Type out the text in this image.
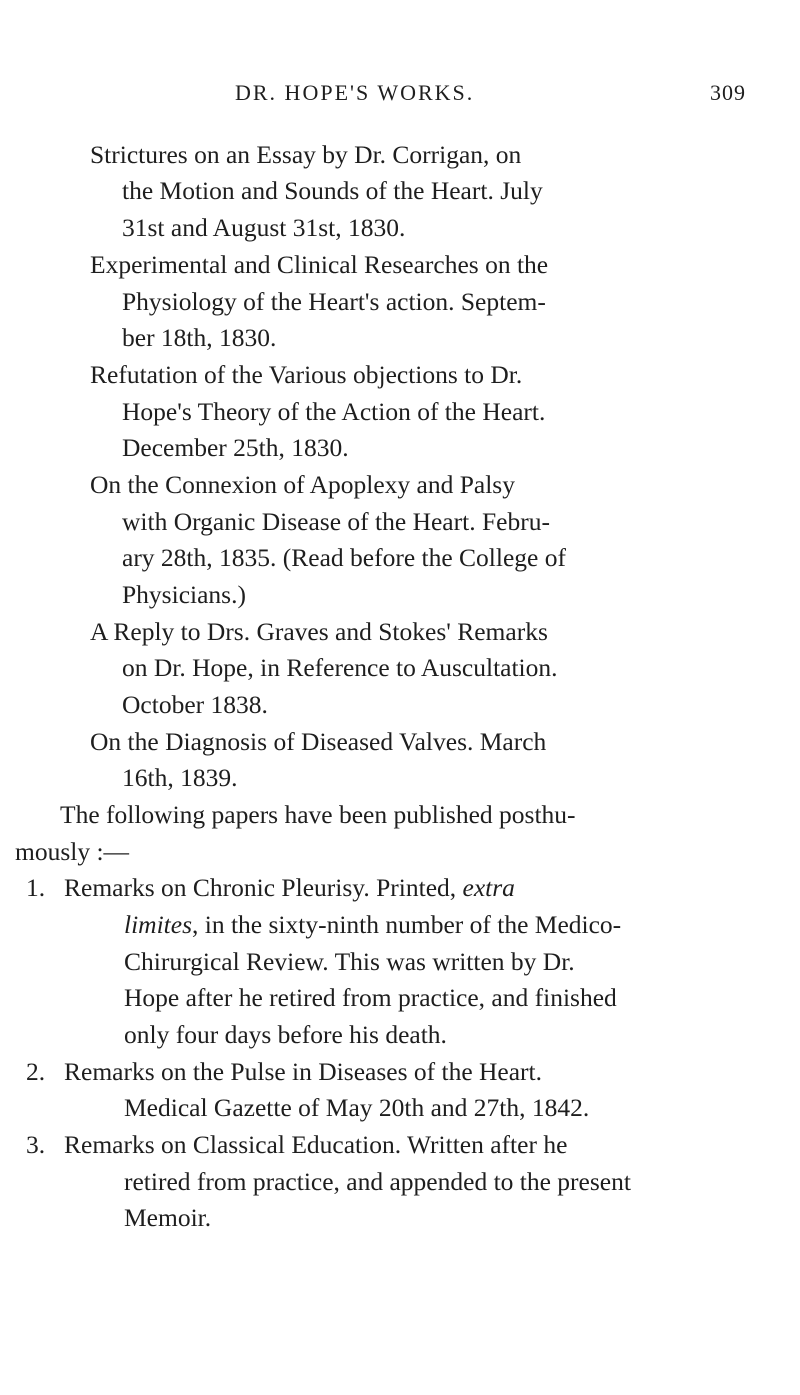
DR. HOPE'S WORKS.	309
Strictures on an Essay by Dr. Corrigan, on
the Motion and Sounds of the Heart. July
31st and August 31st, 1830.
Experimental and Clinical Researches on the
Physiology of the Heart's action. Septem-
ber 18th, 1830.
Refutation of the Various objections to Dr.
Hope's Theory of the Action of the Heart.
December 25th, 1830.
On the Connexion of Apoplexy and Palsy
with Organic Disease of the Heart. Febru-
ary 28th, 1835. (Read before the College of
Physicians.)
A Reply to Drs. Graves and Stokes' Remarks
on Dr. Hope, in Reference to Auscultation.
October 1838.
On the Diagnosis of Diseased Valves. March
16th, 1839.
The following papers have been published posthu-
mously :—
1. Remarks on Chronic Pleurisy. Printed, extra
limites, in the sixty-ninth number of the Medico-
Chirurgical Review. This was written by Dr.
Hope after he retired from practice, and finished
only four days before his death.
2. Remarks on the Pulse in Diseases of the Heart.
Medical Gazette of May 20th and 27th, 1842.
3. Remarks on Classical Education. Written after he
retired from practice, and appended to the present
Memoir.
